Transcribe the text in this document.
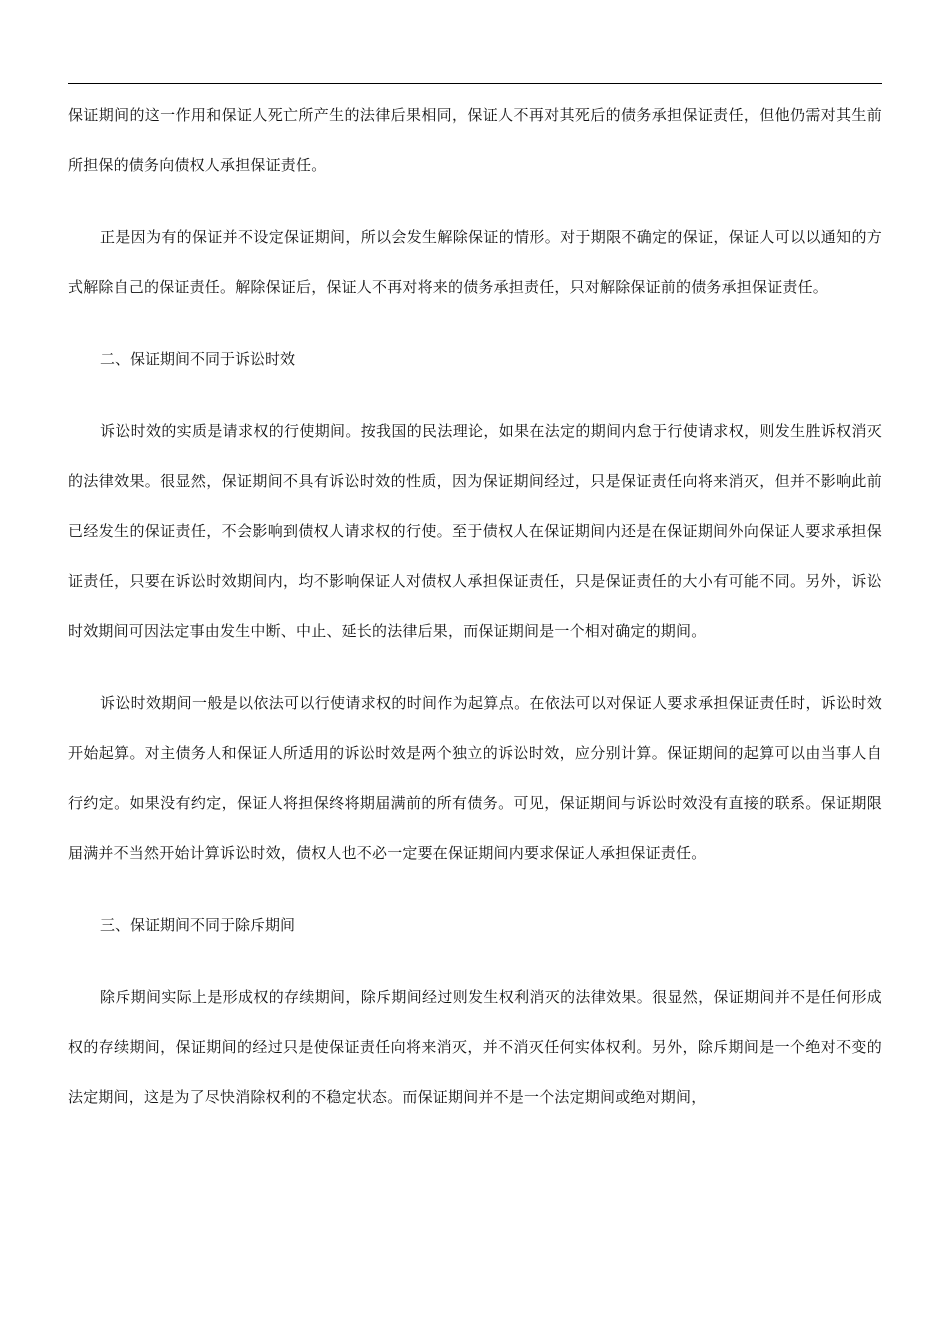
保证期间的这一作用和保证人死亡所产生的法律后果相同，保证人不再对其死后的债务承担保证责任，但他仍需对其生前所担保的债务向债权人承担保证责任。

正是因为有的保证并不设定保证期间，所以会发生解除保证的情形。对于期限不确定的保证，保证人可以以通知的方式解除自己的保证责任。解除保证后，保证人不再对将来的债务承担责任，只对解除保证前的债务承担保证责任。

二、保证期间不同于诉讼时效

诉讼时效的实质是请求权的行使期间。按我国的民法理论，如果在法定的期间内怠于行使请求权，则发生胜诉权消灭的法律效果。很显然，保证期间不具有诉讼时效的性质，因为保证期间经过，只是保证责任向将来消灭，但并不影响此前已经发生的保证责任，不会影响到债权人请求权的行使。至于债权人在保证期间内还是在保证期间外向保证人要求承担保证责任，只要在诉讼时效期间内，均不影响保证人对债权人承担保证责任，只是保证责任的大小有可能不同。另外，诉讼时效期间可因法定事由发生中断、中止、延长的法律后果，而保证期间是一个相对确定的期间。

诉讼时效期间一般是以依法可以行使请求权的时间作为起算点。在依法可以对保证人要求承担保证责任时，诉讼时效开始起算。对主债务人和保证人所适用的诉讼时效是两个独立的诉讼时效，应分别计算。保证期间的起算可以由当事人自行约定。如果没有约定，保证人将担保终将期届满前的所有债务。可见，保证期间与诉讼时效没有直接的联系。保证期限届满并不当然开始计算诉讼时效，债权人也不必一定要在保证期间内要求保证人承担保证责任。

三、保证期间不同于除斥期间

除斥期间实际上是形成权的存续期间，除斥期间经过则发生权利消灭的法律效果。很显然，保证期间并不是任何形成权的存续期间，保证期间的经过只是使保证责任向将来消灭，并不消灭任何实体权利。另外，除斥期间是一个绝对不变的法定期间，这是为了尽快消除权利的不稳定状态。而保证期间并不是一个法定期间或绝对期间，
